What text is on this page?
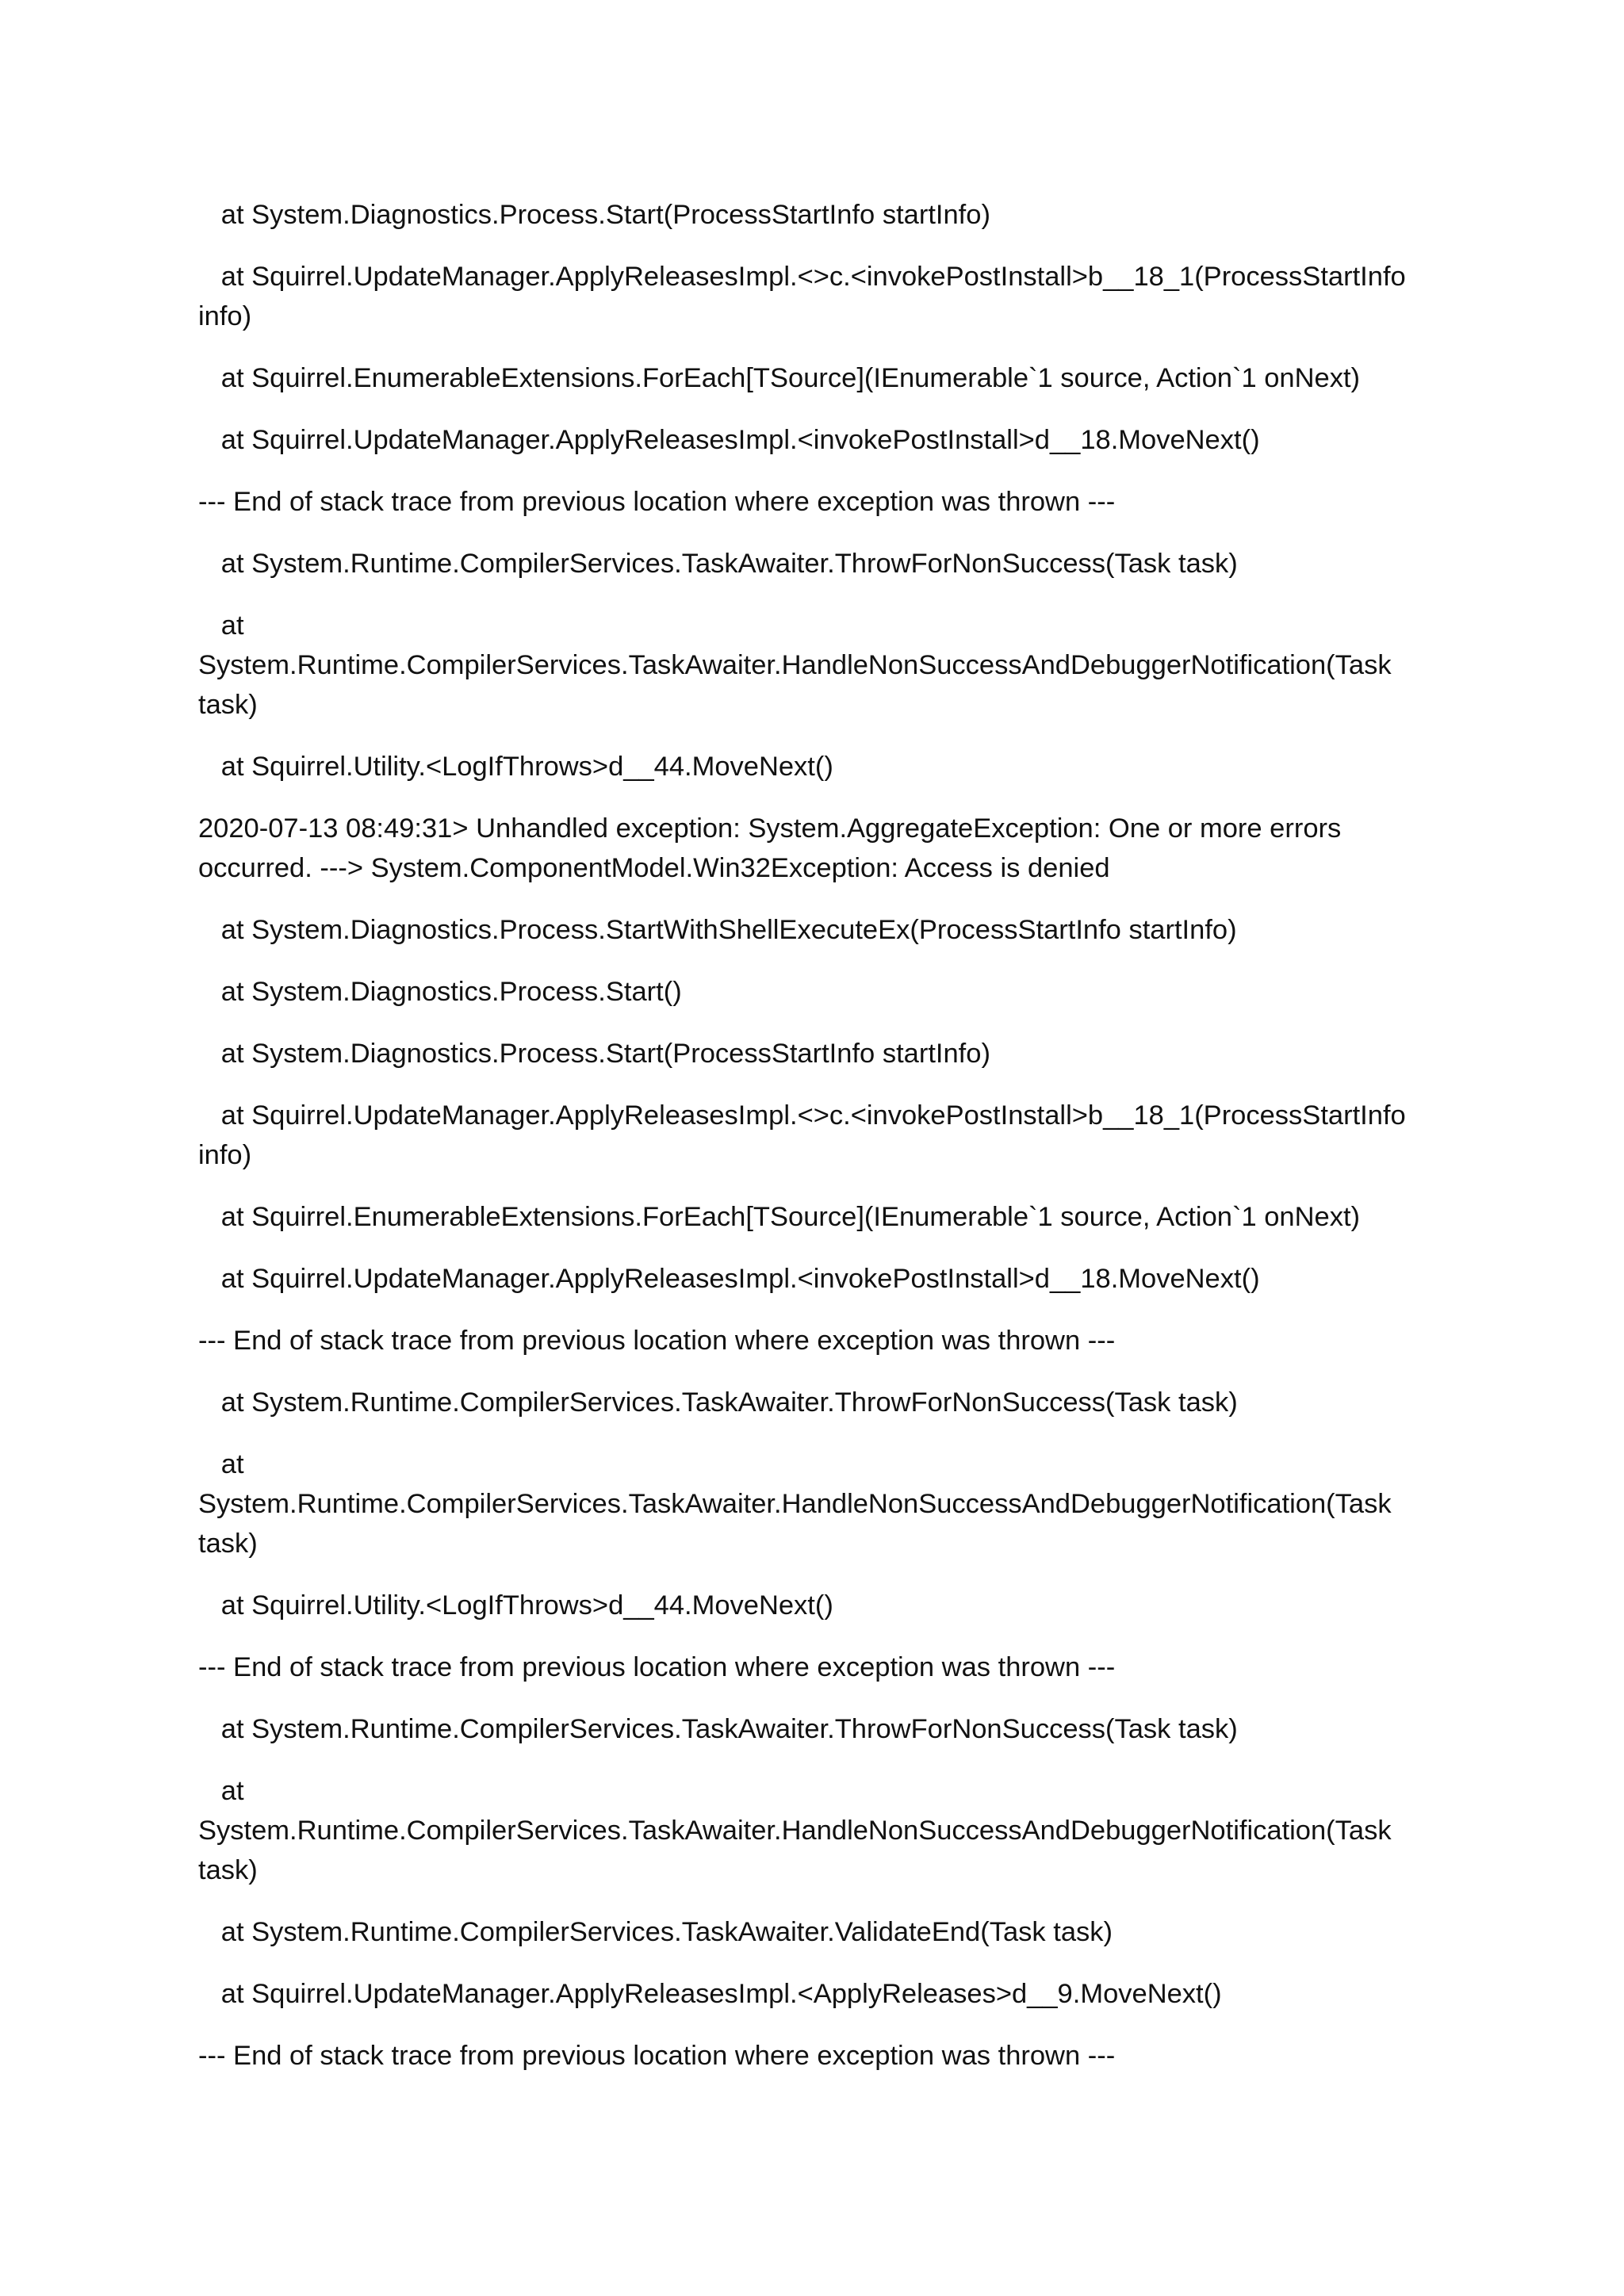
at System.Diagnostics.Process.Start(ProcessStartInfo startInfo)

at Squirrel.UpdateManager.ApplyReleasesImpl.<>c.<invokePostInstall>b__18_1(ProcessStartInfo info)

at Squirrel.EnumerableExtensions.ForEach[TSource](IEnumerable`1 source, Action`1 onNext)

at Squirrel.UpdateManager.ApplyReleasesImpl.<invokePostInstall>d__18.MoveNext()

--- End of stack trace from previous location where exception was thrown ---

at System.Runtime.CompilerServices.TaskAwaiter.ThrowForNonSuccess(Task task)

at System.Runtime.CompilerServices.TaskAwaiter.HandleNonSuccessAndDebuggerNotification(Task task)

at Squirrel.Utility.<LogIfThrows>d__44.MoveNext()

2020-07-13 08:49:31> Unhandled exception: System.AggregateException: One or more errors occurred. ---> System.ComponentModel.Win32Exception: Access is denied

at System.Diagnostics.Process.StartWithShellExecuteEx(ProcessStartInfo startInfo)

at System.Diagnostics.Process.Start()

at System.Diagnostics.Process.Start(ProcessStartInfo startInfo)

at Squirrel.UpdateManager.ApplyReleasesImpl.<>c.<invokePostInstall>b__18_1(ProcessStartInfo info)

at Squirrel.EnumerableExtensions.ForEach[TSource](IEnumerable`1 source, Action`1 onNext)

at Squirrel.UpdateManager.ApplyReleasesImpl.<invokePostInstall>d__18.MoveNext()

--- End of stack trace from previous location where exception was thrown ---

at System.Runtime.CompilerServices.TaskAwaiter.ThrowForNonSuccess(Task task)

at System.Runtime.CompilerServices.TaskAwaiter.HandleNonSuccessAndDebuggerNotification(Task task)

at Squirrel.Utility.<LogIfThrows>d__44.MoveNext()

--- End of stack trace from previous location where exception was thrown ---

at System.Runtime.CompilerServices.TaskAwaiter.ThrowForNonSuccess(Task task)

at System.Runtime.CompilerServices.TaskAwaiter.HandleNonSuccessAndDebuggerNotification(Task task)

at System.Runtime.CompilerServices.TaskAwaiter.ValidateEnd(Task task)

at Squirrel.UpdateManager.ApplyReleasesImpl.<ApplyReleases>d__9.MoveNext()

--- End of stack trace from previous location where exception was thrown ---
